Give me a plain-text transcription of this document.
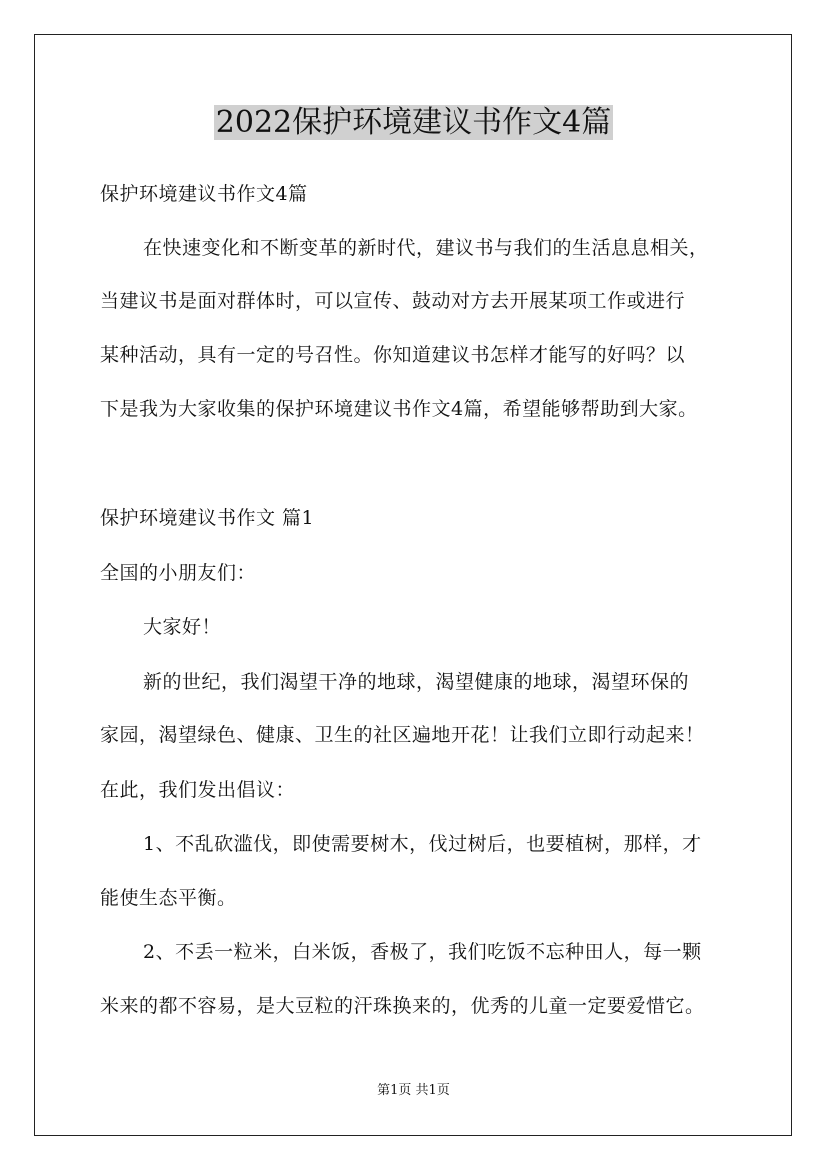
2022保护环境建议书作文4篇
保护环境建议书作文4篇
在快速变化和不断变革的新时代，建议书与我们的生活息息相关，
当建议书是面对群体时，可以宣传、鼓动对方去开展某项工作或进行
某种活动，具有一定的号召性。你知道建议书怎样才能写的好吗？以
下是我为大家收集的保护环境建议书作文4篇，希望能够帮助到大家。
保护环境建议书作文 篇1
全国的小朋友们：
大家好！
新的世纪，我们渴望干净的地球，渴望健康的地球，渴望环保的
家园，渴望绿色、健康、卫生的社区遍地开花！让我们立即行动起来！
在此，我们发出倡议：
1、不乱砍滥伐，即使需要树木，伐过树后，也要植树，那样，才
能使生态平衡。
2、不丢一粒米，白米饭，香极了，我们吃饭不忘种田人，每一颗
米来的都不容易，是大豆粒的汗珠换来的，优秀的儿童一定要爱惜它。
第1页 共1页
